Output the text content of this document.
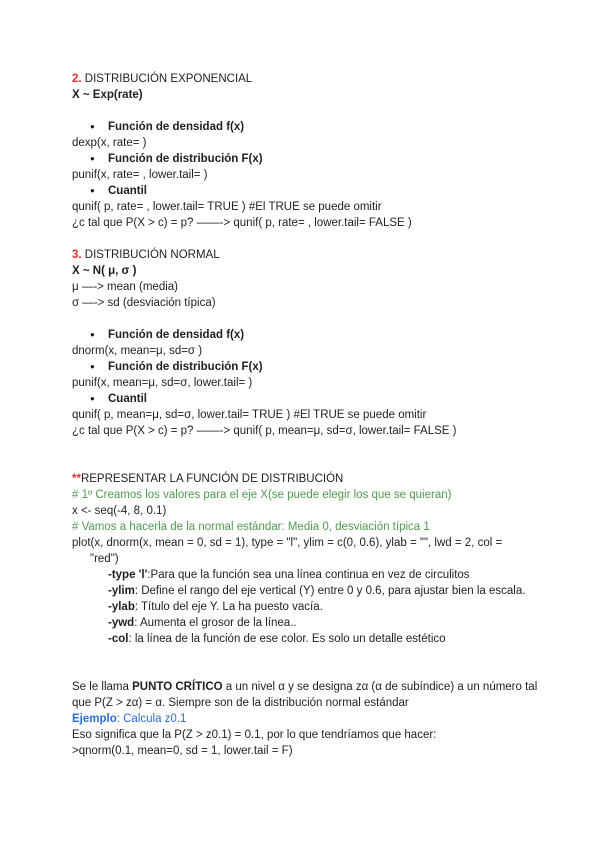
2. DISTRIBUCIÓN EXPONENCIAL
X ~ Exp(rate)
● Función de densidad f(x)
dexp(x, rate= )
● Función de distribución F(x)
punif(x, rate= , lower.tail= )
● Cuantil
qunif( p, rate= , lower.tail= TRUE ) #El TRUE se puede omitir
¿c tal que P(X > c) = p? ——-> qunif( p, rate= , lower.tail= FALSE )
3. DISTRIBUCIÓN NORMAL
X ~ N( μ, σ )
μ —-> mean (media)
σ —-> sd (desviación típica)
● Función de densidad f(x)
dnorm(x, mean=μ, sd=σ )
● Función de distribución F(x)
punif(x, mean=μ, sd=σ, lower.tail= )
● Cuantil
qunif( p, mean=μ, sd=σ, lower.tail= TRUE ) #El TRUE se puede omitir
¿c tal que P(X > c) = p? ——-> qunif( p, mean=μ, sd=σ, lower.tail= FALSE )
**REPRESENTAR LA FUNCIÓN DE DISTRIBUCIÓN
# 1º Creamos los valores para el eje X(se puede elegir los que se quieran)
x <- seq(-4, 8, 0.1)
# Vamos a hacerla de la normal estándar: Media 0, desviación típica 1
plot(x, dnorm(x, mean = 0, sd = 1), type = "l", ylim = c(0, 0.6), ylab = "", lwd = 2, col =
"red")
-type 'l':Para que la función sea una línea continua en vez de circulitos
-ylim: Define el rango del eje vertical (Y) entre 0 y 0.6, para ajustar bien la escala.
-ylab: Título del eje Y. La ha puesto vacía.
-ywd: Aumenta el grosor de la línea..
-col: la línea de la función de ese color. Es solo un detalle estético
Se le llama PUNTO CRÍTICO a un nivel α y se designa zα (α de subíndice) a un número tal que P(Z > zα) = α. Siempre son de la distribución normal estándar
Ejemplo: Calcula z0.1
Eso significa que la P(Z > z0.1) = 0.1, por lo que tendríamos que hacer:
>qnorm(0.1, mean=0, sd = 1, lower.tail = F)
